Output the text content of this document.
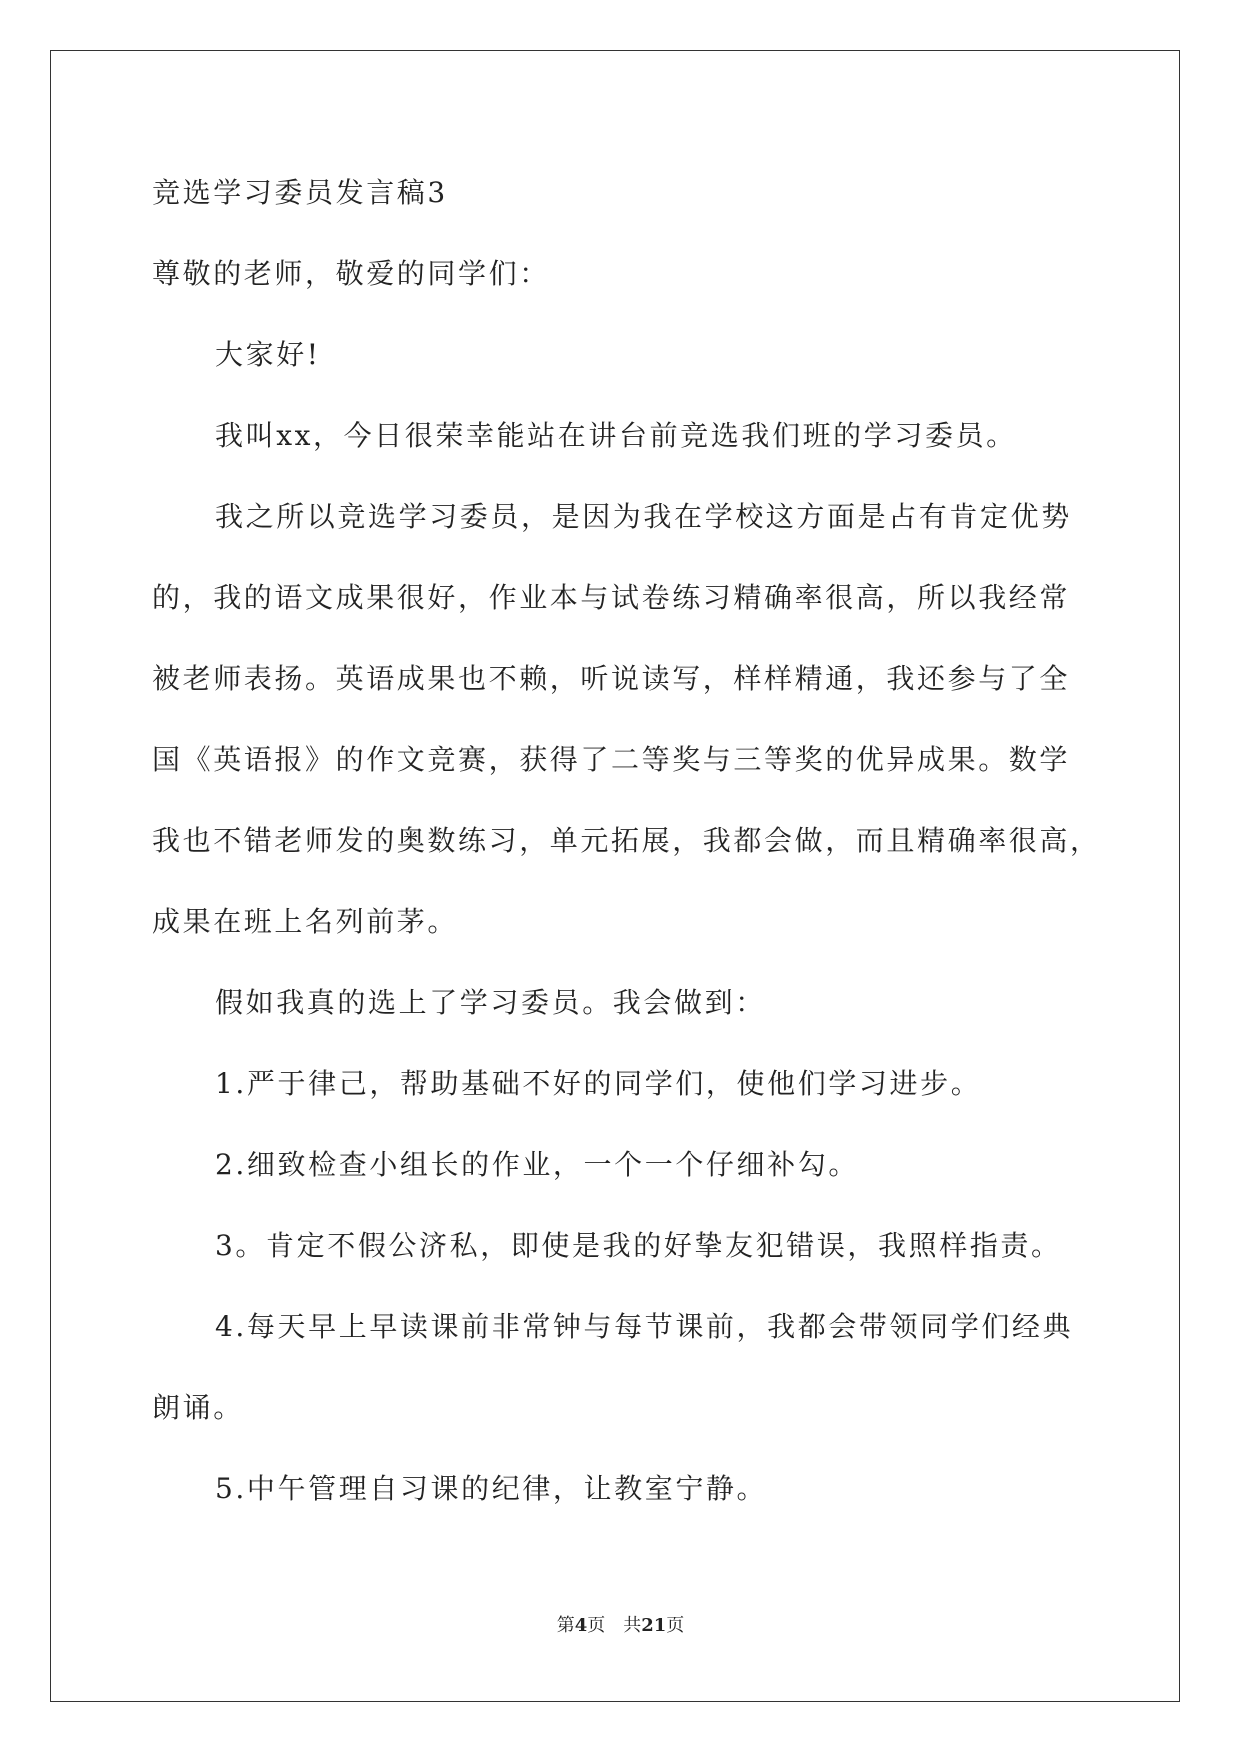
竞选学习委员发言稿3

尊敬的老师，敬爱的同学们：

大家好!

我叫xx，今日很荣幸能站在讲台前竞选我们班的学习委员。

我之所以竞选学习委员，是因为我在学校这方面是占有肯定优势

的，我的语文成果很好，作业本与试卷练习精确率很高，所以我经常

被老师表扬。英语成果也不赖，听说读写，样样精通，我还参与了全

国《英语报》的作文竞赛，获得了二等奖与三等奖的优异成果。数学

我也不错老师发的奥数练习，单元拓展，我都会做，而且精确率很高，

成果在班上名列前茅。

假如我真的选上了学习委员。我会做到：

1.严于律己，帮助基础不好的同学们，使他们学习进步。

2.细致检查小组长的作业，一个一个仔细补勾。

3。肯定不假公济私，即使是我的好挚友犯错误，我照样指责。

4.每天早上早读课前非常钟与每节课前，我都会带领同学们经典

朗诵。

5.中午管理自习课的纪律，让教室宁静。

第4页 共21页
